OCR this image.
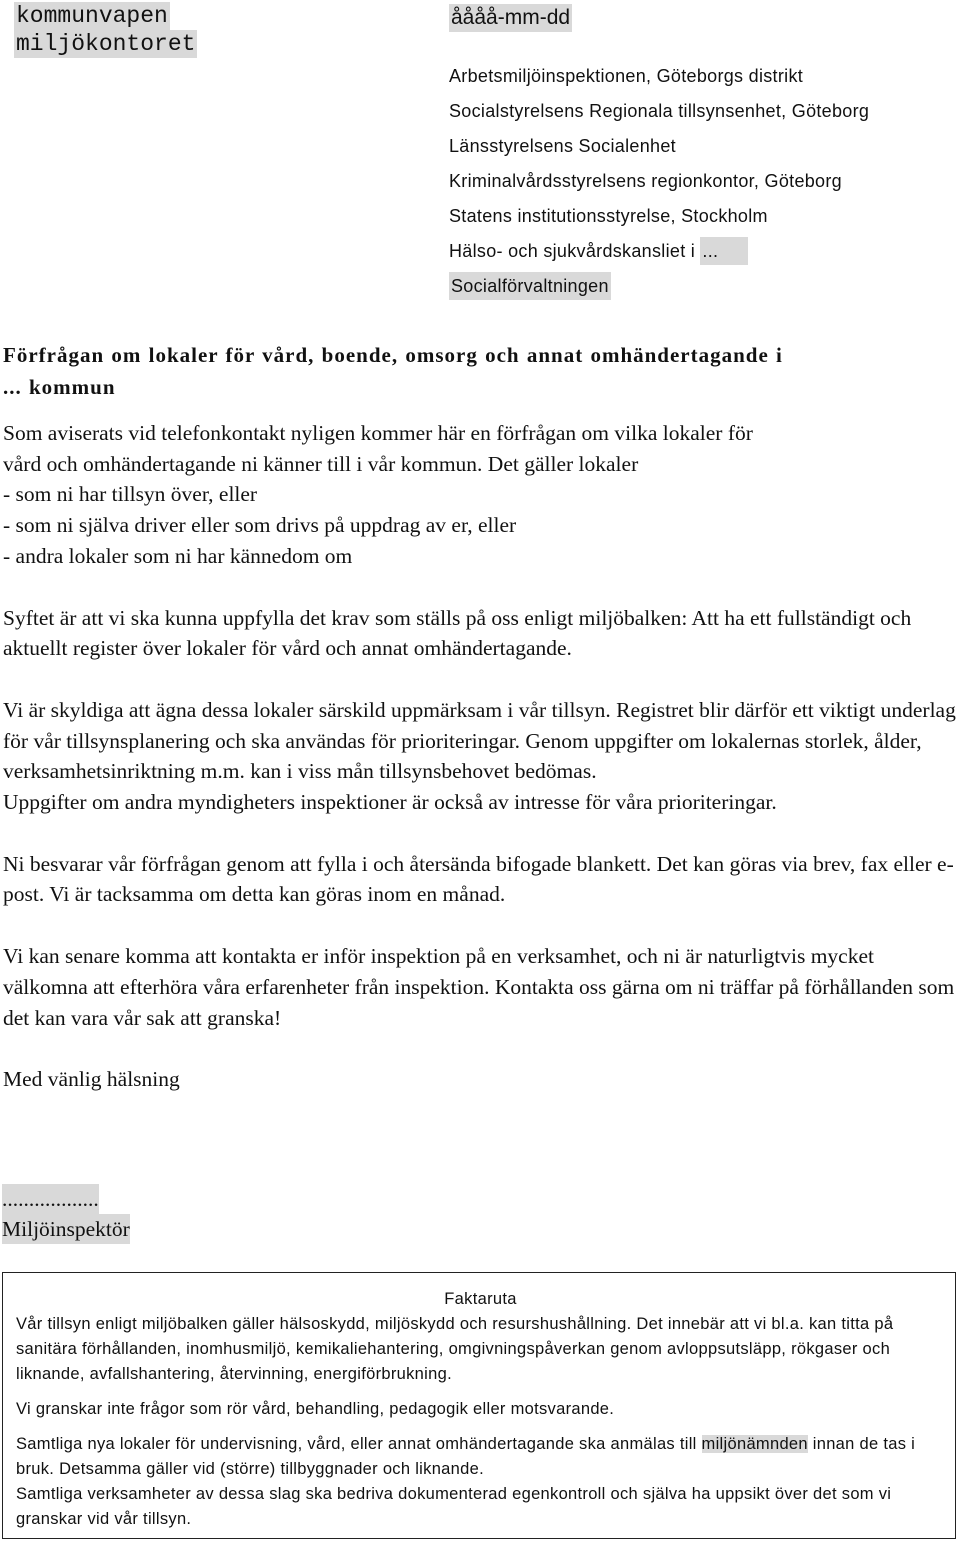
kommunvapen
miljökontoret
åååå-mm-dd
Arbetsmiljöinspektionen, Göteborgs distrikt
Socialstyrelsens Regionala tillsynsenhet, Göteborg
Länsstyrelsens Socialenhet
Kriminalvårdsstyrelsens regionkontor, Göteborg
Statens institutionsstyrelse, Stockholm
Hälso- och sjukvårdskansliet i ...
Socialförvaltningen
Förfrågan om lokaler för vård, boende, omsorg och annat omhändertagande i
... kommun

Som aviserats vid telefonkontakt nyligen kommer här en förfrågan om vilka lokaler för

vård och omhändertagande ni känner till i vår kommun. Det gäller lokaler

- som ni har tillsyn över, eller

- som ni själva driver eller som drivs på uppdrag av er, eller

- andra lokaler som ni har kännedom om

Syftet är att vi ska kunna uppfylla det krav som ställs på oss enligt miljöbalken: Att ha ett fullständigt och aktuellt register över lokaler för vård och annat omhändertagande.

Vi är skyldiga att ägna dessa lokaler särskild uppmärksam i vår tillsyn. Registret blir därför ett viktigt underlag för vår tillsynsplanering och ska användas för prioriteringar. Genom uppgifter om lokalernas storlek, ålder, verksamhetsinriktning m.m. kan i viss mån tillsynsbehovet bedömas.

Uppgifter om andra myndigheters inspektioner är också av intresse för våra prioriteringar.

Ni besvarar vår förfrågan genom att fylla i och återsända bifogade blankett. Det kan göras via brev, fax eller e-post. Vi är tacksamma om detta kan göras inom en månad.

Vi kan senare komma att kontakta er inför inspektion på en verksamhet, och ni är naturligtvis mycket välkomna att efterhöra våra erfarenheter från inspektion. Kontakta oss gärna om ni träffar på förhållanden som det kan vara vår sak att granska!

Med vänlig hälsning

..................
Miljöinspektör

Faktaruta

Vår tillsyn enligt miljöbalken gäller hälsoskydd, miljöskydd och resurshushållning. Det innebär att vi bl.a. kan titta på sanitära förhållanden, inomhusmiljö, kemikaliehantering, omgivningspåverkan genom avloppsutsläpp, rökgaser och liknande, avfallshantering, återvinning, energiförbrukning.

Vi granskar inte frågor som rör vård, behandling, pedagogik eller motsvarande.

Samtliga nya lokaler för undervisning, vård, eller annat omhändertagande ska anmälas till miljönämnden innan de tas i bruk. Detsamma gäller vid (större) tillbyggnader och liknande.

Samtliga verksamheter av dessa slag ska bedriva dokumenterad egenkontroll och själva ha uppsikt över det som vi granskar vid vår tillsyn.
